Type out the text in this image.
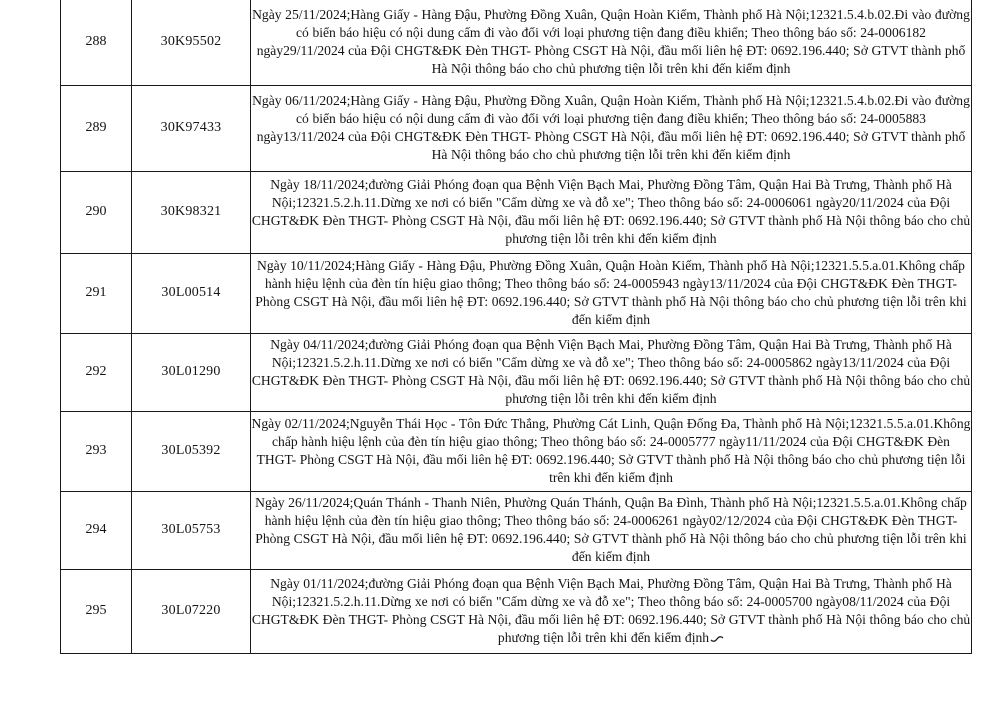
288	30K95502	Ngày 25/11/2024;Hàng Giấy - Hàng Đậu, Phường Đồng Xuân, Quận Hoàn Kiếm, Thành phố Hà Nội;12321.5.4.b.02.Đi vào đường có biển báo hiệu có nội dung cấm đi vào đối với loại phương tiện đang điều khiển; Theo thông báo số: 24-0006182 ngày29/11/2024 của Đội CHGT&ĐK Đèn THGT- Phòng CSGT Hà Nội, đầu mối liên hệ ĐT: 0692.196.440; Sở GTVT thành phố Hà Nội thông báo cho chủ phương tiện lỗi trên khi đến kiểm định
289	30K97433	Ngày 06/11/2024;Hàng Giấy - Hàng Đậu, Phường Đồng Xuân, Quận Hoàn Kiếm, Thành phố Hà Nội;12321.5.4.b.02.Đi vào đường có biển báo hiệu có nội dung cấm đi vào đối với loại phương tiện đang điều khiển; Theo thông báo số: 24-0005883 ngày13/11/2024 của Đội CHGT&ĐK Đèn THGT- Phòng CSGT Hà Nội, đầu mối liên hệ ĐT: 0692.196.440; Sở GTVT thành phố Hà Nội thông báo cho chủ phương tiện lỗi trên khi đến kiểm định
290	30K98321	Ngày 18/11/2024;đường Giải Phóng đoạn qua Bệnh Viện Bạch Mai, Phường Đồng Tâm, Quận Hai Bà Trưng, Thành phố Hà Nội;12321.5.2.h.11.Dừng xe nơi có biển "Cấm dừng xe và đỗ xe"; Theo thông báo số: 24-0006061 ngày20/11/2024 của Đội CHGT&ĐK Đèn THGT- Phòng CSGT Hà Nội, đầu mối liên hệ ĐT: 0692.196.440; Sở GTVT thành phố Hà Nội thông báo cho chủ phương tiện lỗi trên khi đến kiểm định
291	30L00514	Ngày 10/11/2024;Hàng Giấy - Hàng Đậu, Phường Đồng Xuân, Quận Hoàn Kiếm, Thành phố Hà Nội;12321.5.5.a.01.Không chấp hành hiệu lệnh của đèn tín hiệu giao thông; Theo thông báo số: 24-0005943 ngày13/11/2024 của Đội CHGT&ĐK Đèn THGT- Phòng CSGT Hà Nội, đầu mối liên hệ ĐT: 0692.196.440; Sở GTVT thành phố Hà Nội thông báo cho chủ phương tiện lỗi trên khi đến kiểm định
292	30L01290	Ngày 04/11/2024;đường Giải Phóng đoạn qua Bệnh Viện Bạch Mai, Phường Đồng Tâm, Quận Hai Bà Trưng, Thành phố Hà Nội;12321.5.2.h.11.Dừng xe nơi có biển "Cấm dừng xe và đỗ xe"; Theo thông báo số: 24-0005862 ngày13/11/2024 của Đội CHGT&ĐK Đèn THGT- Phòng CSGT Hà Nội, đầu mối liên hệ ĐT: 0692.196.440; Sở GTVT thành phố Hà Nội thông báo cho chủ phương tiện lỗi trên khi đến kiểm định
293	30L05392	Ngày 02/11/2024;Nguyễn Thái Học - Tôn Đức Thắng, Phường Cát Linh, Quận Đống Đa, Thành phố Hà Nội;12321.5.5.a.01.Không chấp hành hiệu lệnh của đèn tín hiệu giao thông; Theo thông báo số: 24-0005777 ngày11/11/2024 của Đội CHGT&ĐK Đèn THGT- Phòng CSGT Hà Nội, đầu mối liên hệ ĐT: 0692.196.440; Sở GTVT thành phố Hà Nội thông báo cho chủ phương tiện lỗi trên khi đến kiểm định
294	30L05753	Ngày 26/11/2024;Quán Thánh - Thanh Niên, Phường Quán Thánh, Quận Ba Đình, Thành phố Hà Nội;12321.5.5.a.01.Không chấp hành hiệu lệnh của đèn tín hiệu giao thông; Theo thông báo số: 24-0006261 ngày02/12/2024 của Đội CHGT&ĐK Đèn THGT- Phòng CSGT Hà Nội, đầu mối liên hệ ĐT: 0692.196.440; Sở GTVT thành phố Hà Nội thông báo cho chủ phương tiện lỗi trên khi đến kiểm định
295	30L07220	Ngày 01/11/2024;đường Giải Phóng đoạn qua Bệnh Viện Bạch Mai, Phường Đồng Tâm, Quận Hai Bà Trưng, Thành phố Hà Nội;12321.5.2.h.11.Dừng xe nơi có biển "Cấm dừng xe và đỗ xe"; Theo thông báo số: 24-0005700 ngày08/11/2024 của Đội CHGT&ĐK Đèn THGT- Phòng CSGT Hà Nội, đầu mối liên hệ ĐT: 0692.196.440; Sở GTVT thành phố Hà Nội thông báo cho chủ phương tiện lỗi trên khi đến kiểm định
